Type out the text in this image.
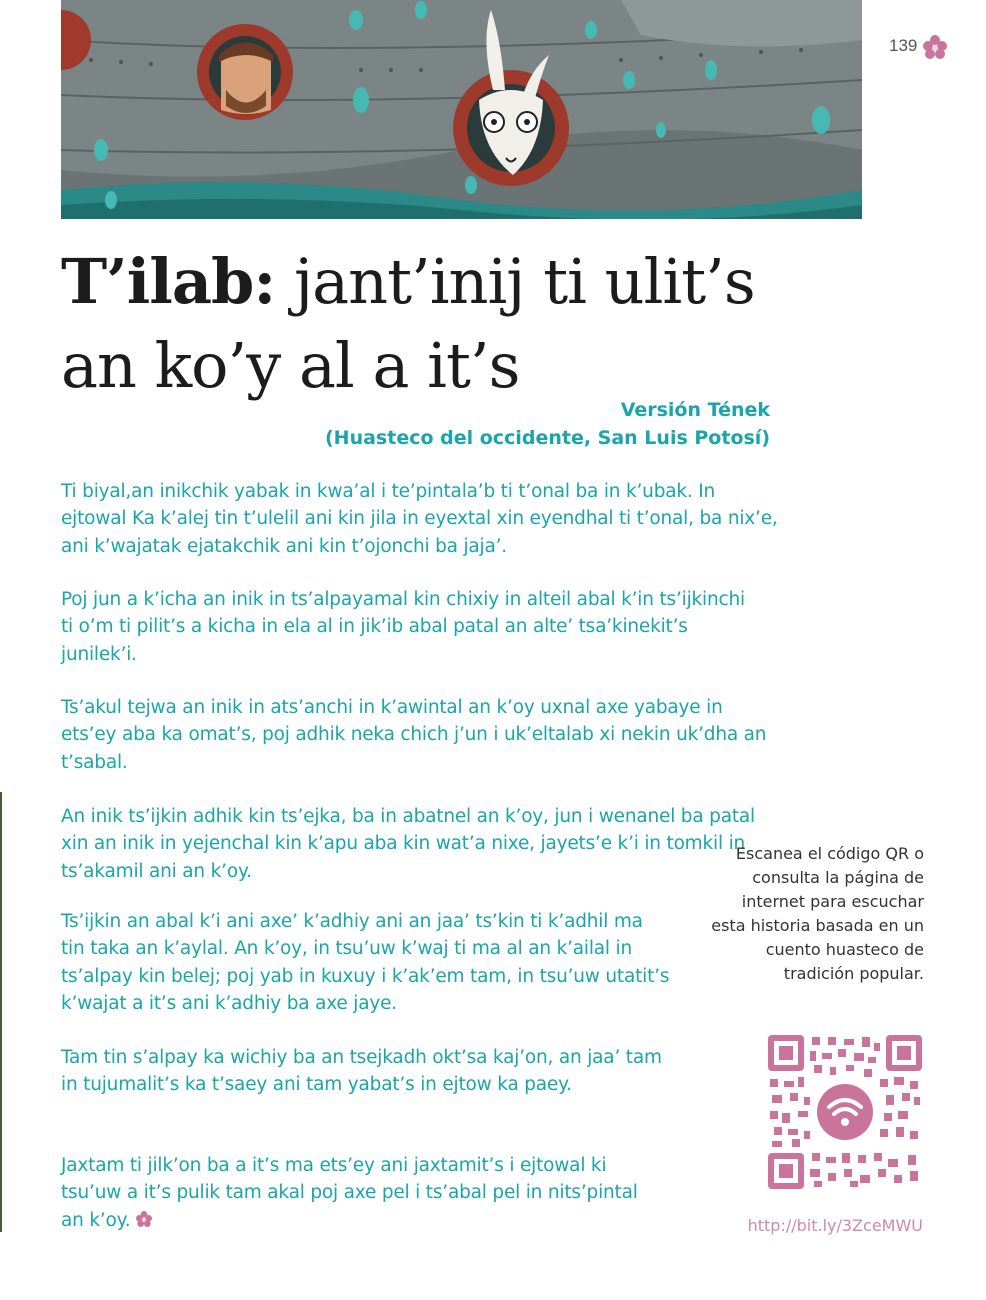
139
T’ilab: jant’inij ti ulit’s an ko’y al a it’s
Versión Tének
(Huasteco del occidente, San Luis Potosí)

Ti biyal,an inikchik yabak in kwa’al i te’pintala’b ti t’onal ba in k’ubak. In ejtowal Ka k’alej tin t’ulelil ani kin jila in eyextal xin eyendhal ti t’onal, ba nix’e, ani k’wajatak ejatakchik ani kin t’ojonchi ba jaja’.

Poj jun a k’icha an inik in ts’alpayamal kin chixiy in alteil abal k’in ts’ijkinchi ti o’m ti pilit’s a kicha in ela al in jik’ib abal patal an alte’ tsa’kinekit’s junilek’i.

Ts’akul tejwa an inik in ats’anchi in k’awintal an k’oy uxnal axe yabaye in ets’ey aba ka omat’s, poj adhik neka chich j’un i uk’eltalab xi nekin uk’dha an t’sabal.

An inik ts’ijkin adhik kin ts’ejka, ba in abatnel an k’oy, jun i wenanel ba patal xin an inik in yejenchal kin k’apu aba kin wat’a nixe, jayets’e k’i in tomkil in ts’akamil ani an k’oy.

Ts’ijkin an abal k’i ani axe’ k’adhiy ani an jaa’ ts’kin ti k’adhil ma tin taka an k’aylal. An k’oy, in tsu’uw k’waj ti ma al an k’ailal in ts’alpay kin belej; poj yab in kuxuy i k’ak’em tam, in tsu’uw utatit’s k’wajat a it’s ani k’adhiy ba axe jaye.

Tam tin s’alpay ka wichiy ba an tsejkadh okt’sa kaj’on, an jaa’ tam in tujumalit’s ka t’saey ani tam yabat’s in ejtow ka paey.

Jaxtam ti jilk’on ba a it’s ma ets’ey ani jaxtamit’s i ejtowal ki tsu’uw a it’s pulik tam akal poj axe pel i ts’abal pel in nits’pintal an k’oy.
Escanea el código QR o consulta la página de internet para escuchar esta historia basada en un cuento huasteco de tradición popular.
http://bit.ly/3ZceMWU
